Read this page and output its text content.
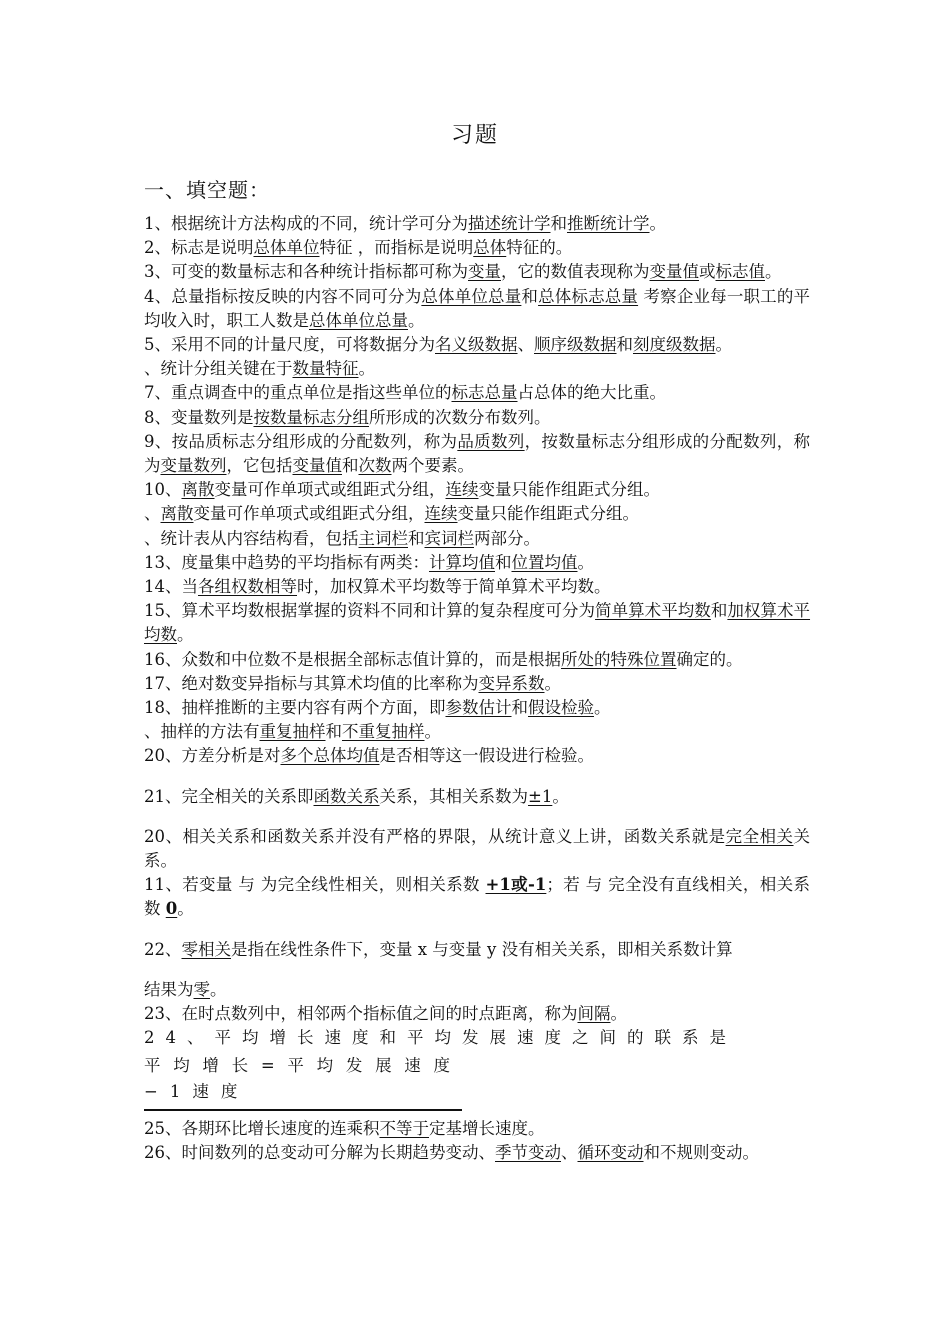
习题
一、填空题：
1、根据统计方法构成的不同，统计学可分为描述统计学和推断统计学。
2、标志是说明总体单位特征 ，而指标是说明总体特征的。
3、可变的数量标志和各种统计指标都可称为变量，它的数值表现称为变量值或标志值。
4、总量指标按反映的内容不同可分为总体单位总量和总体标志总量 考察企业每一职工的平均收入时，职工人数是总体单位总量。
5、采用不同的计量尺度，可将数据分为名义级数据、顺序级数据和刻度级数据。
、统计分组关键在于数量特征。
7、重点调查中的重点单位是指这些单位的标志总量占总体的绝大比重。
8、变量数列是按数量标志分组所形成的次数分布数列。
9、按品质标志分组形成的分配数列，称为品质数列，按数量标志分组形成的分配数列，称为变量数列，它包括变量值和次数两个要素。
10、离散变量可作单项式或组距式分组，连续变量只能作组距式分组。
、离散变量可作单项式或组距式分组，连续变量只能作组距式分组。
、统计表从内容结构看，包括主词栏和宾词栏两部分。
13、度量集中趋势的平均指标有两类：计算均值和位置均值。
14、当各组权数相等时，加权算术平均数等于简单算术平均数。
15、算术平均数根据掌握的资料不同和计算的复杂程度可分为简单算术平均数和加权算术平均数。
16、众数和中位数不是根据全部标志值计算的，而是根据所处的特殊位置确定的。
17、绝对数变异指标与其算术均值的比率称为变异系数。
18、抽样推断的主要内容有两个方面，即参数估计和假设检验。
、抽样的方法有重复抽样和不重复抽样。
20、方差分析是对多个总体均值是否相等这一假设进行检验。
21、完全相关的关系即函数关系关系，其相关系数为±1。
20、相关关系和函数关系并没有严格的界限，从统计意义上讲，函数关系就是完全相关关系。
11、若变量 与 为完全线性相关，则相关系数 +1或-1；若 与 完全没有直线相关，相关系数 0。
22、零相关是指在线性条件下，变量 x 与变量 y 没有相关关系，即相关系数计算
结果为零。
23、在时点数列中，相邻两个指标值之间的时点距离，称为间隔。
24、平均增长速度和平均发展速度之间的联系是
平均增长=平均发展速度−1速度
25、各期环比增长速度的连乘积不等于定基增长速度。
26、时间数列的总变动可分解为长期趋势变动、季节变动、循环变动和不规则变动。
